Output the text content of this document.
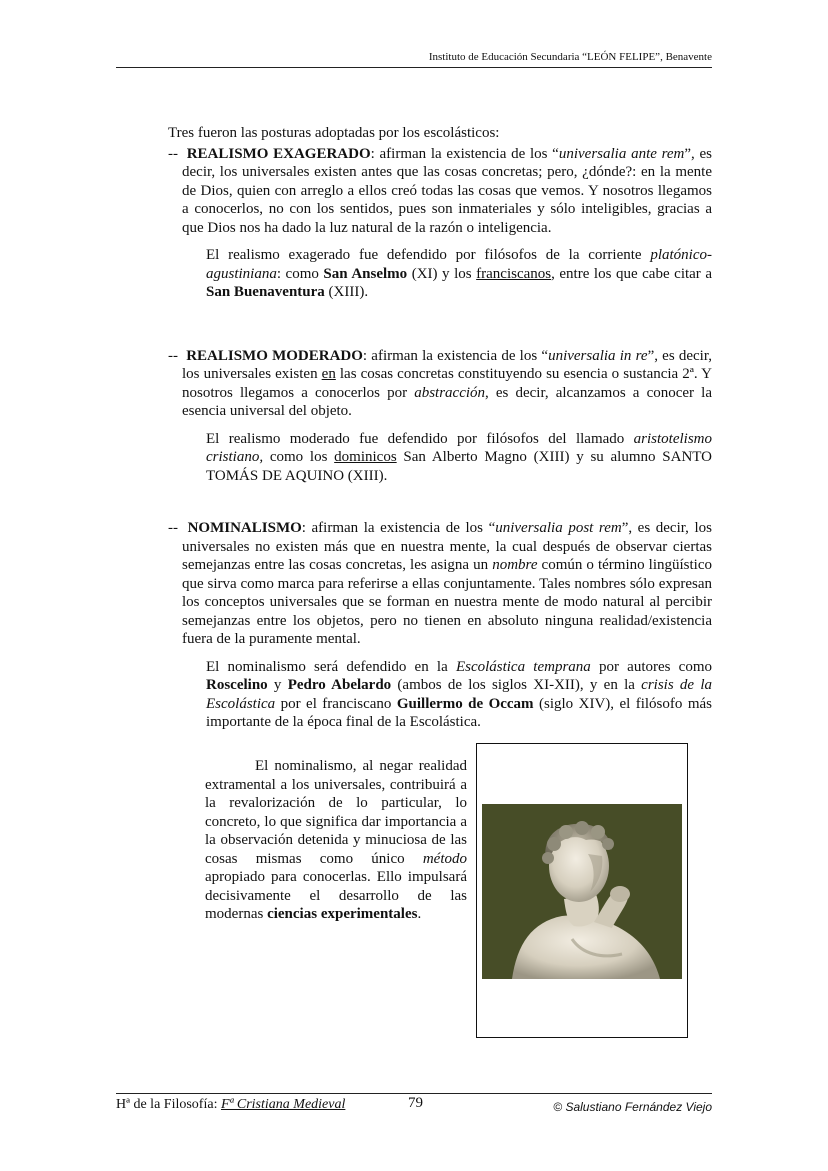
Instituto de Educación Secundaria “LEÓN FELIPE”, Benavente

Tres fueron las posturas adoptadas por los escolásticos:

-- REALISMO EXAGERADO: afirman la existencia de los “universalia ante rem”, es decir, los universales existen antes que las cosas concretas; pero, ¿dónde?: en la mente de Dios, quien con arreglo a ellos creó todas las cosas que vemos. Y nosotros llegamos a conocerlos, no con los sentidos, pues son inmateriales y sólo inteligibles, gracias a que Dios nos ha dado la luz natural de la razón o inteligencia.

El realismo exagerado fue defendido por filósofos de la corriente platónico-agustiniana: como San Anselmo (XI) y los franciscanos, entre los que cabe citar a San Buenaventura (XIII).

-- REALISMO MODERADO: afirman la existencia de los “universalia in re”, es decir, los universales existen en las cosas concretas constituyendo su esencia o sustancia 2ª. Y nosotros llegamos a conocerlos por abstracción, es decir, alcanzamos a conocer la esencia universal del objeto.

El realismo moderado fue defendido por filósofos del llamado aristotelismo cristiano, como los dominicos San Alberto Magno (XIII) y su alumno SANTO TOMÁS DE AQUINO (XIII).

-- NOMINALISMO: afirman la existencia de los “universalia post rem”, es decir, los universales no existen más que en nuestra mente, la cual después de observar ciertas semejanzas entre las cosas concretas, les asigna un nombre común o término lingüístico que sirva como marca para referirse a ellas conjuntamente. Tales nombres sólo expresan los conceptos universales que se forman en nuestra mente de modo natural al percibir semejanzas entre los objetos, pero no tienen en absoluto ninguna realidad/existencia fuera de la puramente mental.

El nominalismo será defendido en la Escolástica temprana por autores como Roscelino y Pedro Abelardo (ambos de los siglos XI-XII), y en la crisis de la Escolástica por el franciscano Guillermo de Occam (siglo XIV), el filósofo más importante de la época final de la Escolástica.

El nominalismo, al negar realidad extramental a los universales, contribuirá a la revalorización de lo particular, lo concreto, lo que significa dar importancia a la observación detenida y minuciosa de las cosas mismas como único método apropiado para conocerlas. Ello impulsará decisivamente el desarrollo de las modernas ciencias experimentales.
Hª de la Filosofía: Fª Cristiana Medieval	79	© Salustiano Fernández Viejo
